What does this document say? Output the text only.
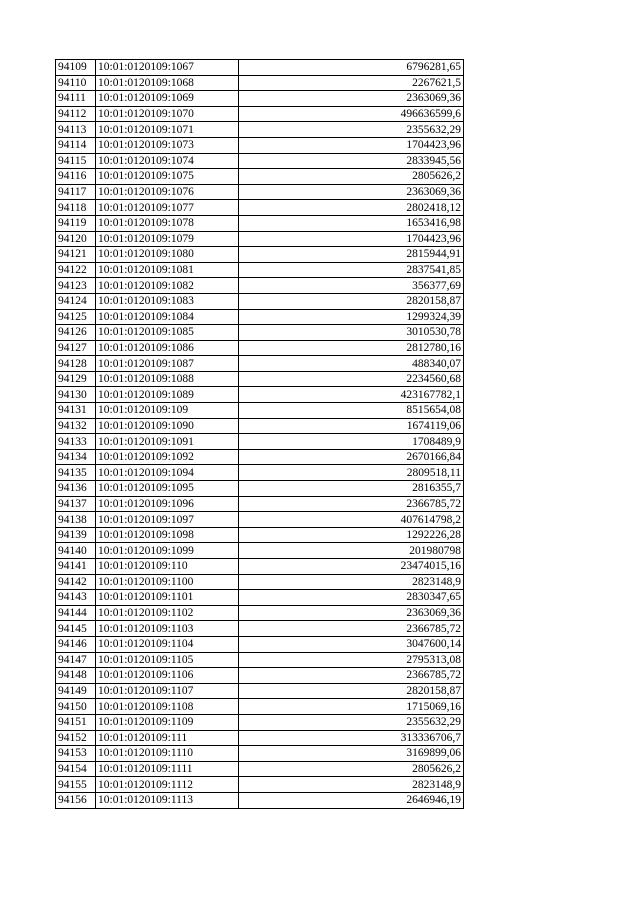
94109	10:01:0120109:1067	6796281,65
94110	10:01:0120109:1068	2267621,5
94111	10:01:0120109:1069	2363069,36
94112	10:01:0120109:1070	496636599,6
94113	10:01:0120109:1071	2355632,29
94114	10:01:0120109:1073	1704423,96
94115	10:01:0120109:1074	2833945,56
94116	10:01:0120109:1075	2805626,2
94117	10:01:0120109:1076	2363069,36
94118	10:01:0120109:1077	2802418,12
94119	10:01:0120109:1078	1653416,98
94120	10:01:0120109:1079	1704423,96
94121	10:01:0120109:1080	2815944,91
94122	10:01:0120109:1081	2837541,85
94123	10:01:0120109:1082	356377,69
94124	10:01:0120109:1083	2820158,87
94125	10:01:0120109:1084	1299324,39
94126	10:01:0120109:1085	3010530,78
94127	10:01:0120109:1086	2812780,16
94128	10:01:0120109:1087	488340,07
94129	10:01:0120109:1088	2234560,68
94130	10:01:0120109:1089	423167782,1
94131	10:01:0120109:109	8515654,08
94132	10:01:0120109:1090	1674119,06
94133	10:01:0120109:1091	1708489,9
94134	10:01:0120109:1092	2670166,84
94135	10:01:0120109:1094	2809518,11
94136	10:01:0120109:1095	2816355,7
94137	10:01:0120109:1096	2366785,72
94138	10:01:0120109:1097	407614798,2
94139	10:01:0120109:1098	1292226,28
94140	10:01:0120109:1099	201980798
94141	10:01:0120109:110	23474015,16
94142	10:01:0120109:1100	2823148,9
94143	10:01:0120109:1101	2830347,65
94144	10:01:0120109:1102	2363069,36
94145	10:01:0120109:1103	2366785,72
94146	10:01:0120109:1104	3047600,14
94147	10:01:0120109:1105	2795313,08
94148	10:01:0120109:1106	2366785,72
94149	10:01:0120109:1107	2820158,87
94150	10:01:0120109:1108	1715069,16
94151	10:01:0120109:1109	2355632,29
94152	10:01:0120109:111	313336706,7
94153	10:01:0120109:1110	3169899,06
94154	10:01:0120109:1111	2805626,2
94155	10:01:0120109:1112	2823148,9
94156	10:01:0120109:1113	2646946,19
